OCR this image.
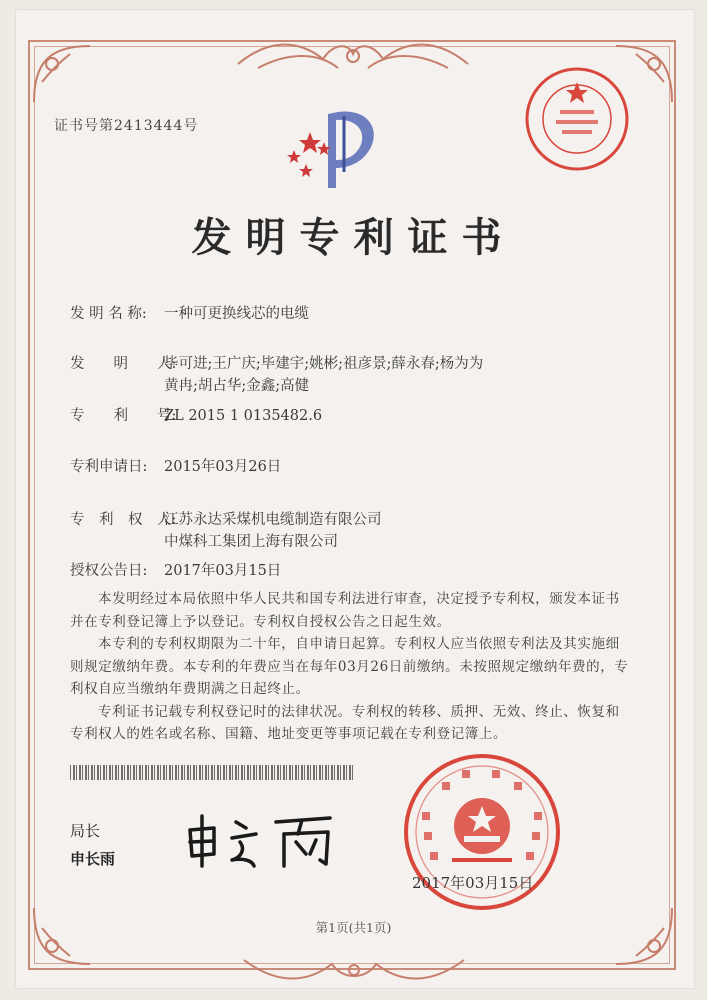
证书号第2413444号
发明专利证书
发 明 名 称: 一种可更换线芯的电缆
发　　明　　人:毕可进;王广庆;毕建宇;姚彬;祖彦景;薛永春;杨为为
黄冉;胡占华;金鑫;高健
专　　利　　号:ZL 2015 1 0135482.6
专利申请日: 2015年03月26日
专　利　权　人:江苏永达采煤机电缆制造有限公司
中煤科工集团上海有限公司
授权公告日: 2017年03月15日

本发明经过本局依照中华人民共和国专利法进行审查，决定授予专利权，颁发本证书并在专利登记簿上予以登记。专利权自授权公告之日起生效。

本专利的专利权期限为二十年，自申请日起算。专利权人应当依照专利法及其实施细则规定缴纳年费。本专利的年费应当在每年03月26日前缴纳。未按照规定缴纳年费的，专利权自应当缴纳年费期满之日起终止。

专利证书记载专利权登记时的法律状况。专利权的转移、质押、无效、终止、恢复和专利权人的姓名或名称、国籍、地址变更等事项记载在专利登记簿上。

局长
申长雨
2017年03月15日
第1页(共1页)
